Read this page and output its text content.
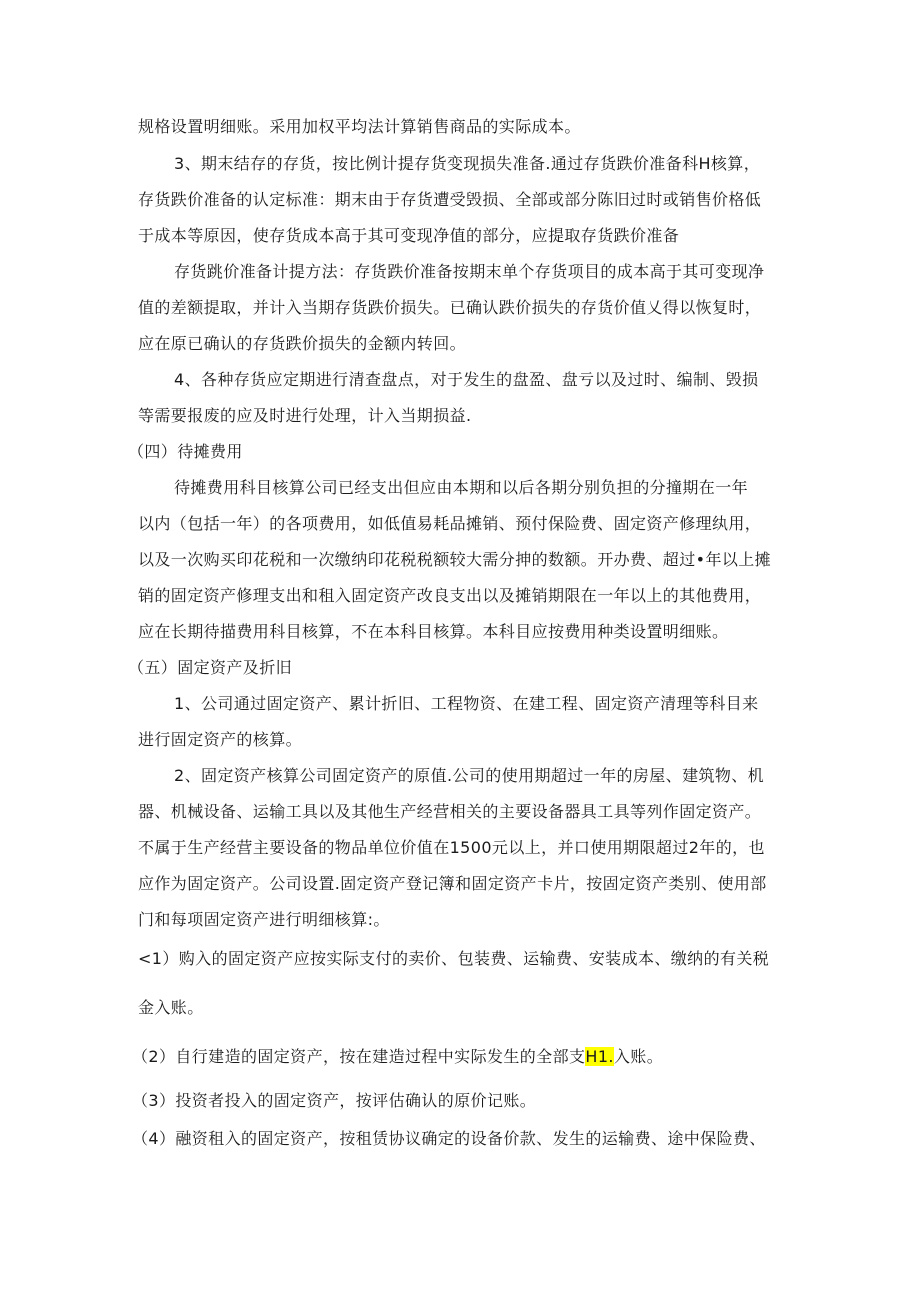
规格设置明细账。采用加权平均法计算销售商品的实际成本。
3、期末结存的存货，按比例计提存货变现损失准备.通过存货跌价准备科H核算，
存货跌价准备的认定标准：期末由于存货遭受毁损、全部或部分陈旧过时或销售价格低
于成本等原因，使存货成本高于其可变现净值的部分，应提取存货跌价准备
存货跳价准备计提方法：存货跌价准备按期末单个存货项目的成本高于其可变现净
值的差额提取，并计入当期存货跌价损失。已确认跌价损失的存货价值乂得以恢复时，
应在原已确认的存货跌价损失的金额内转回。
4、各种存货应定期进行清查盘点，对于发生的盘盈、盘亏以及过时、编制、毁损
等需要报废的应及时进行处理，计入当期损益.
（四）待摊费用
待摊费用科目核算公司已经支出但应由本期和以后各期分别负担的分撞期在一年
以内（包括一年）的各项费用，如低值易耗品摊销、预付保险费、固定资产修理纨用，
以及一次购买印花税和一次缴纳印花税税额较大需分抻的数额。开办费、超过•年以上摊
销的固定资产修理支出和租入固定资产改良支出以及摊销期限在一年以上的其他费用，
应在长期待描费用科目核算，不在本科目核算。本科目应按费用种类设置明细账。
（五）固定资产及折旧
1、公司通过固定资产、累计折旧、工程物资、在建工程、固定资产清理等科目来
进行固定资产的核算。
2、固定资产核算公司固定资产的原值.公司的使用期超过一年的房屋、建筑物、机
器、机械设备、运输工具以及其他生产经营相关的主要设备器具工具等列作固定资产。
不属于生产经营主要设备的物品单位价值在1500元以上，并口使用期限超过2年的，也
应作为固定资产。公司设置.固定资产登记簿和固定资产卡片，按固定资产类别、使用部
门和每项固定资产进行明细核算:。
<1）购入的固定资产应按实际支付的卖价、包装费、运输费、安装成本、缴纳的有关税
金入账。
（2）自行建造的固定资产，按在建造过程中实际发生的全部支H1.入账。
（3）投资者投入的固定资产，按评估确认的原价记账。
（4）融资租入的固定资产，按租赁协议确定的设备价款、发生的运输费、途中保险费、
